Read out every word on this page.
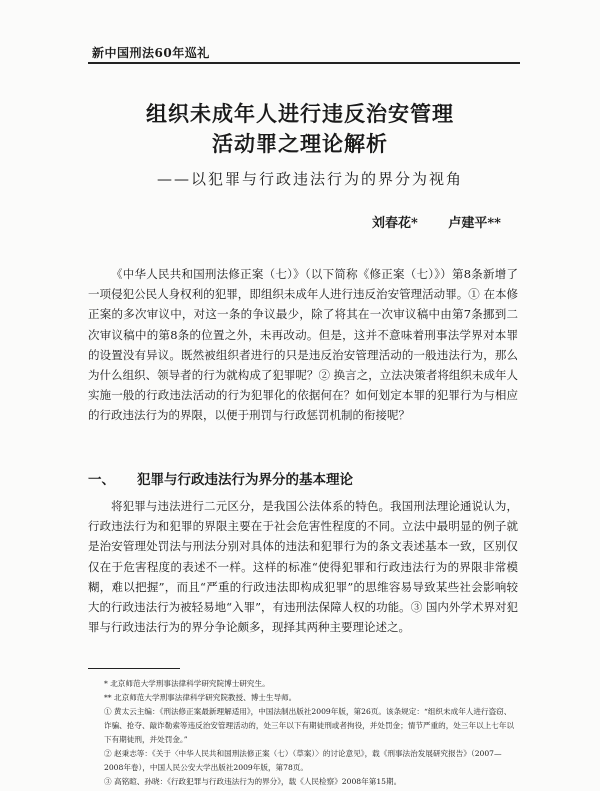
新中国刑法60年巡礼
组织未成年人进行违反治安管理
活动罪之理论解析
——以犯罪与行政违法行为的界分为视角
刘春花* 卢建平**
《中华人民共和国刑法修正案（七）》（以下简称《修正案（七）》）第8条新增了一项侵犯公民人身权利的犯罪，即组织未成年人进行违反治安管理活动罪。① 在本修正案的多次审议中，对这一条的争议最少，除了将其在一次审议稿中由第7条挪到二次审议稿中的第8条的位置之外，未再改动。但是，这并不意味着刑事法学界对本罪的设置没有异议。既然被组织者进行的只是违反治安管理活动的一般违法行为，那么为什么组织、领导者的行为就构成了犯罪呢？② 换言之，立法决策者将组织未成年人实施一般的行政违法活动的行为犯罪化的依据何在？如何划定本罪的犯罪行为与相应的行政违法行为的界限，以便于刑罚与行政惩罚机制的衔接呢？
一、 犯罪与行政违法行为界分的基本理论
将犯罪与违法进行二元区分，是我国公法体系的特色。我国刑法理论通说认为，行政违法行为和犯罪的界限主要在于社会危害性程度的不同。立法中最明显的例子就是治安管理处罚法与刑法分别对具体的违法和犯罪行为的条文表述基本一致，区别仅仅在于危害程度的表述不一样。这样的标准“使得犯罪和行政违法行为的界限非常模糊，难以把握”，而且“严重的行政违法即构成犯罪”的思维容易导致某些社会影响较大的行政违法行为被轻易地“入罪”，有违刑法保障人权的功能。③ 国内外学术界对犯罪与行政违法行为的界分争论颇多，现择其两种主要理论述之。
* 北京师范大学刑事法律科学研究院博士研究生。
** 北京师范大学刑事法律科学研究院教授、博士生导师。
① 黄太云主编：《刑法修正案最新理解适用》，中国法制出版社2009年版，第26页。该条规定：“组织未成年人进行盗窃、诈骗、抢夺、敲诈勒索等违反治安管理活动的，处三年以下有期徒刑或者拘役，并处罚金；情节严重的，处三年以上七年以下有期徒刑，并处罚金。”
② 赵秉志等：《关于〈中华人民共和国刑法修正案（七）（草案）〉的讨论意见》，载《刑事法治发展研究报告》（2007—2008年卷），中国人民公安大学出版社2009年版，第78页。
③ 高铭暄、孙晓：《行政犯罪与行政违法行为的界分》，载《人民检察》2008年第15期。
